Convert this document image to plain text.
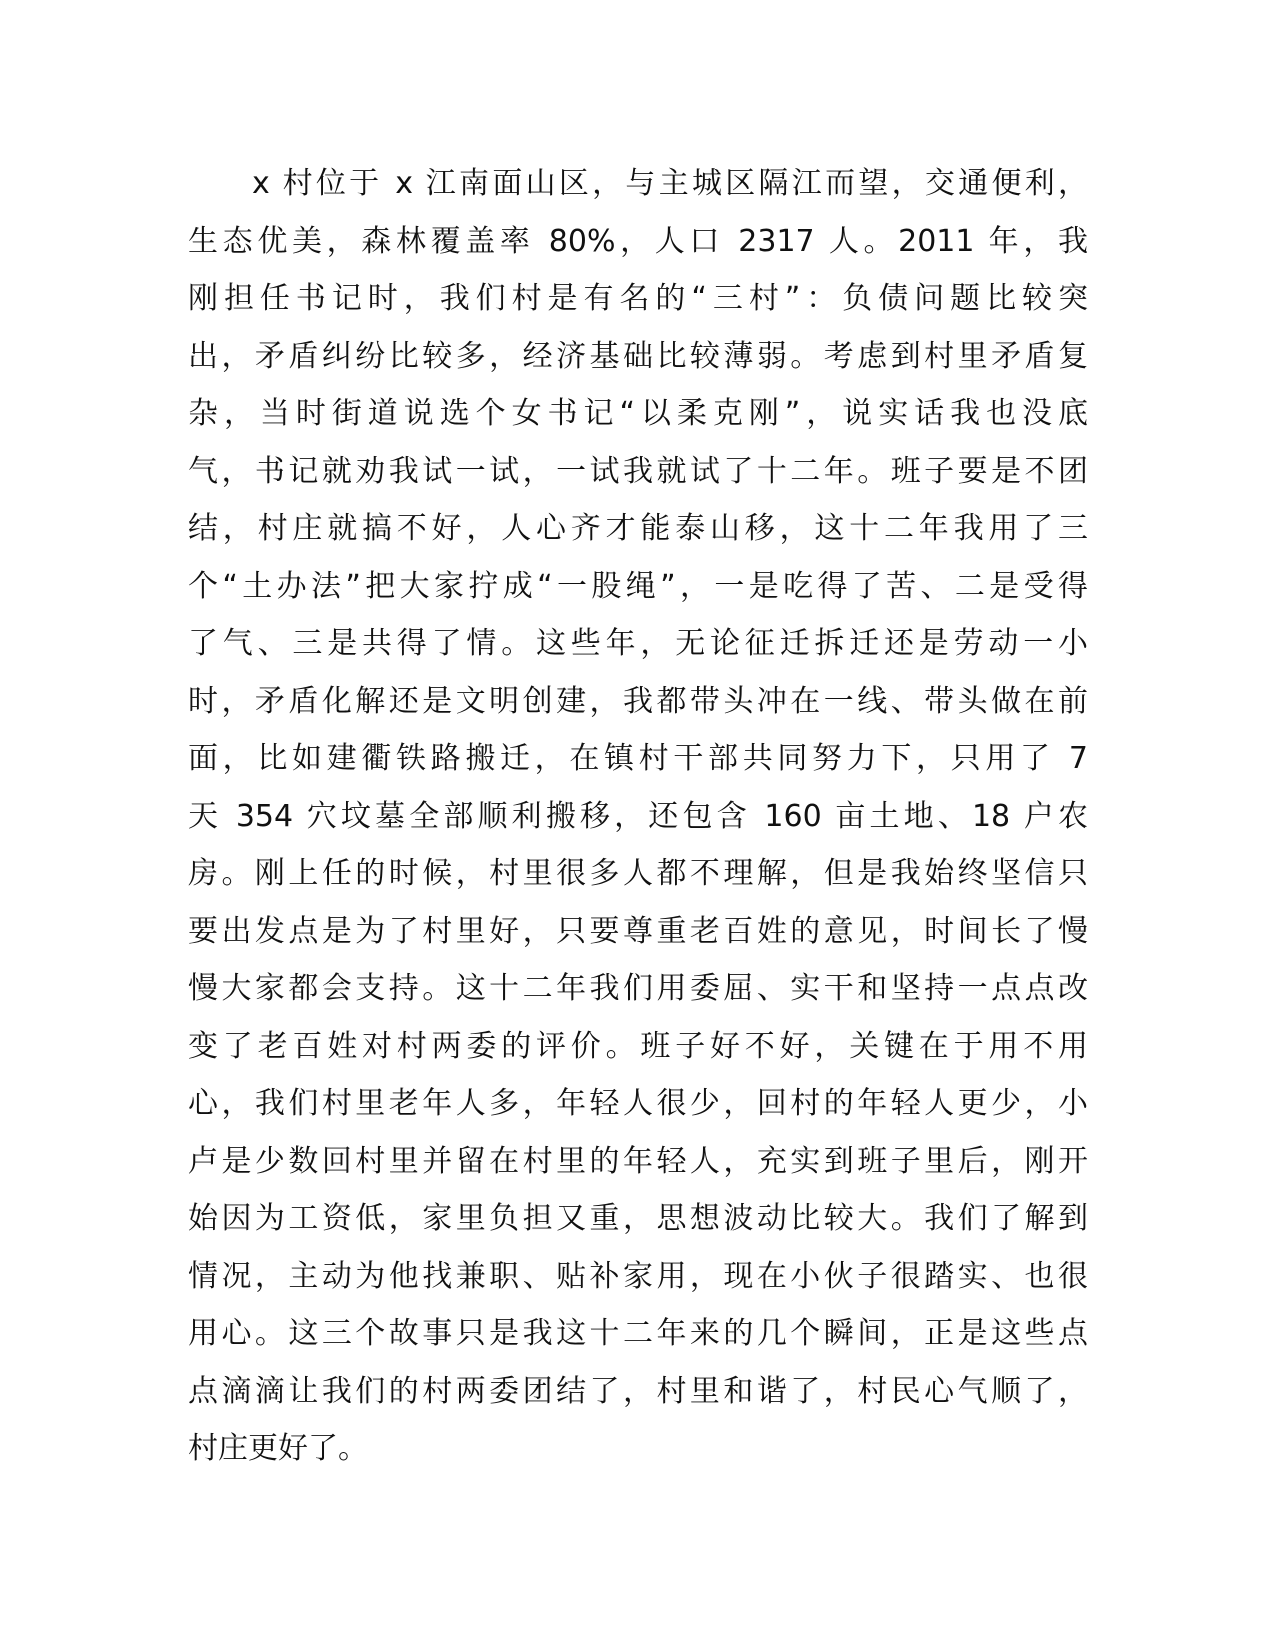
x 村位于 x 江南面山区，与主城区隔江而望，交通便利，
生态优美，森林覆盖率 80%，人口 2317 人。2011 年，我
刚担任书记时，我们村是有名的“三村”：负债问题比较突
出，矛盾纠纷比较多，经济基础比较薄弱。考虑到村里矛盾复
杂，当时街道说选个女书记“以柔克刚”，说实话我也没底
气，书记就劝我试一试，一试我就试了十二年。班子要是不团
结，村庄就搞不好，人心齐才能泰山移，这十二年我用了三
个“土办法”把大家拧成“一股绳”，一是吃得了苦、二是受得
了气、三是共得了情。这些年，无论征迁拆迁还是劳动一小
时，矛盾化解还是文明创建，我都带头冲在一线、带头做在前
面，比如建衢铁路搬迁，在镇村干部共同努力下，只用了 7
天 354 穴坟墓全部顺利搬移，还包含 160 亩土地、18 户农
房。刚上任的时候，村里很多人都不理解，但是我始终坚信只
要出发点是为了村里好，只要尊重老百姓的意见，时间长了慢
慢大家都会支持。这十二年我们用委屈、实干和坚持一点点改
变了老百姓对村两委的评价。班子好不好，关键在于用不用
心，我们村里老年人多，年轻人很少，回村的年轻人更少，小
卢是少数回村里并留在村里的年轻人，充实到班子里后，刚开
始因为工资低，家里负担又重，思想波动比较大。我们了解到
情况，主动为他找兼职、贴补家用，现在小伙子很踏实、也很
用心。这三个故事只是我这十二年来的几个瞬间，正是这些点
点滴滴让我们的村两委团结了，村里和谐了，村民心气顺了，
村庄更好了。
